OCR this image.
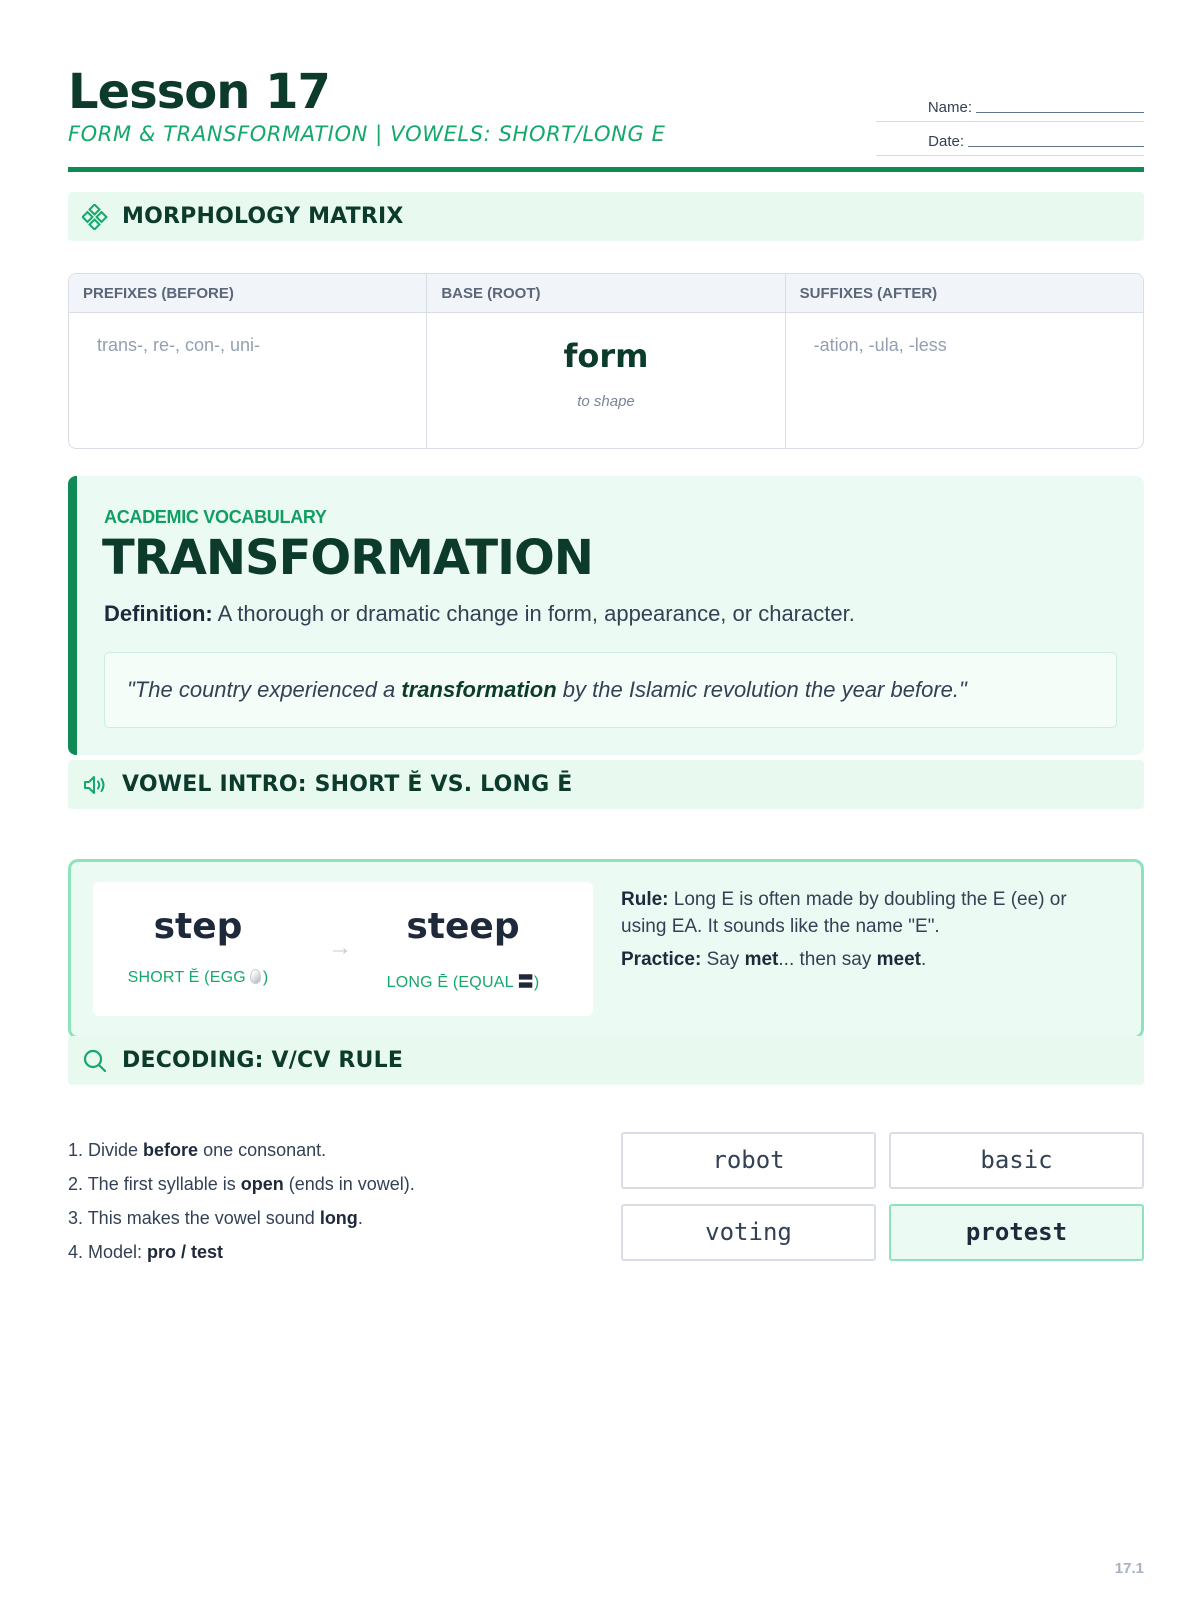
Lesson 17
FORM & TRANSFORMATION | VOWELS: SHORT/LONG E
Name:
Date:
MORPHOLOGY MATRIX
PREFIXES (BEFORE)
trans-, re-, con-, uni-
BASE (ROOT)
form
to shape
SUFFIXES (AFTER)
-ation, -ula, -less
ACADEMIC VOCABULARY
TRANSFORMATION
Definition: A thorough or dramatic change in form, appearance, or character.
"The country experienced a transformation by the Islamic revolution the year before."
VOWEL INTRO: SHORT Ĕ VS. LONG Ē
step
SHORT Ĕ (EGG )
→
steep
LONG Ē (EQUAL 〓)
Rule: Long E is often made by doubling the E (ee) or using EA. It sounds like the name "E".
Practice: Say met... then say meet.
DECODING: V/CV RULE
1. Divide before one consonant.
2. The first syllable is open (ends in vowel).
3. This makes the vowel sound long.
4. Model: pro / test
robot	basic
voting	protest
17.1
